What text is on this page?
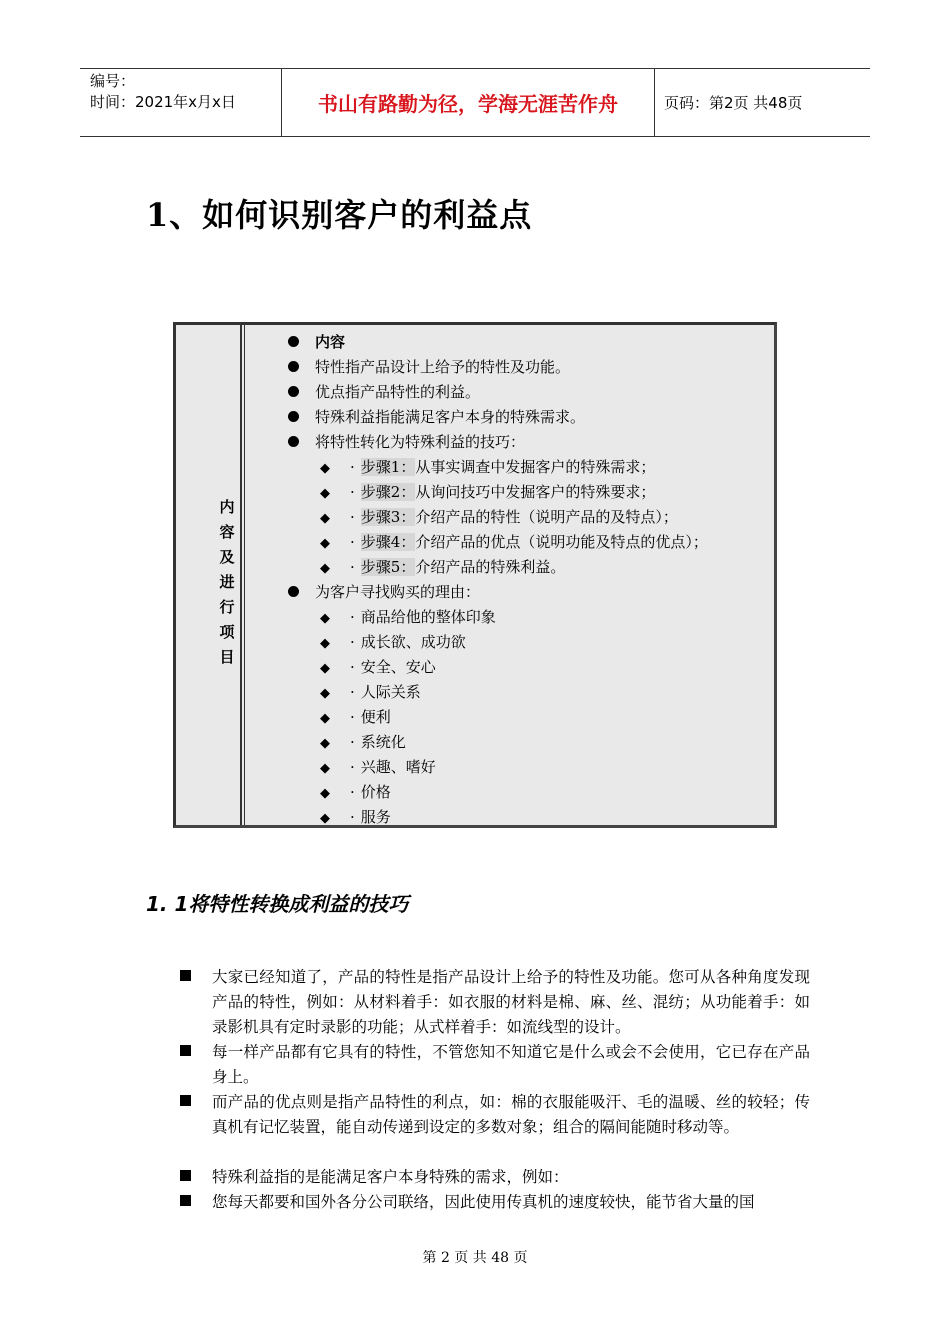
编号：
时间：2021年x月x日	书山有路勤为径，学海无涯苦作舟	页码：第2页 共48页
1、如何识别客户的利益点
内
容
及
进
行
项
目
内容
特性指产品设计上给予的特性及功能。
优点指产品特性的利益。
特殊利益指能满足客户本身的特殊需求。
将特性转化为特殊利益的技巧：
◆ · 步骤1：从事实调查中发掘客户的特殊需求；
◆ · 步骤2：从询问技巧中发掘客户的特殊要求；
◆ · 步骤3：介绍产品的特性（说明产品的及特点）；
◆ · 步骤4：介绍产品的优点（说明功能及特点的优点）；
◆ · 步骤5：介绍产品的特殊利益。
为客户寻找购买的理由：
◆ · 商品给他的整体印象
◆ · 成长欲、成功欲
◆ · 安全、安心
◆ · 人际关系
◆ · 便利
◆ · 系统化
◆ · 兴趣、嗜好
◆ · 价格
◆ · 服务
1. 1将特性转换成利益的技巧
大家已经知道了，产品的特性是指产品设计上给予的特性及功能。您可从各种角度发现产品的特性，例如：从材料着手：如衣服的材料是棉、麻、丝、混纺；从功能着手：如录影机具有定时录影的功能；从式样着手：如流线型的设计。
每一样产品都有它具有的特性，不管您知不知道它是什么或会不会使用，它已存在产品身上。
而产品的优点则是指产品特性的利点，如：棉的衣服能吸汗、毛的温暖、丝的较轻；传真机有记忆装置，能自动传递到设定的多数对象；组合的隔间能随时移动等。
特殊利益指的是能满足客户本身特殊的需求，例如：
您每天都要和国外各分公司联络，因此使用传真机的速度较快，能节省大量的国
第 2 页 共 48 页
